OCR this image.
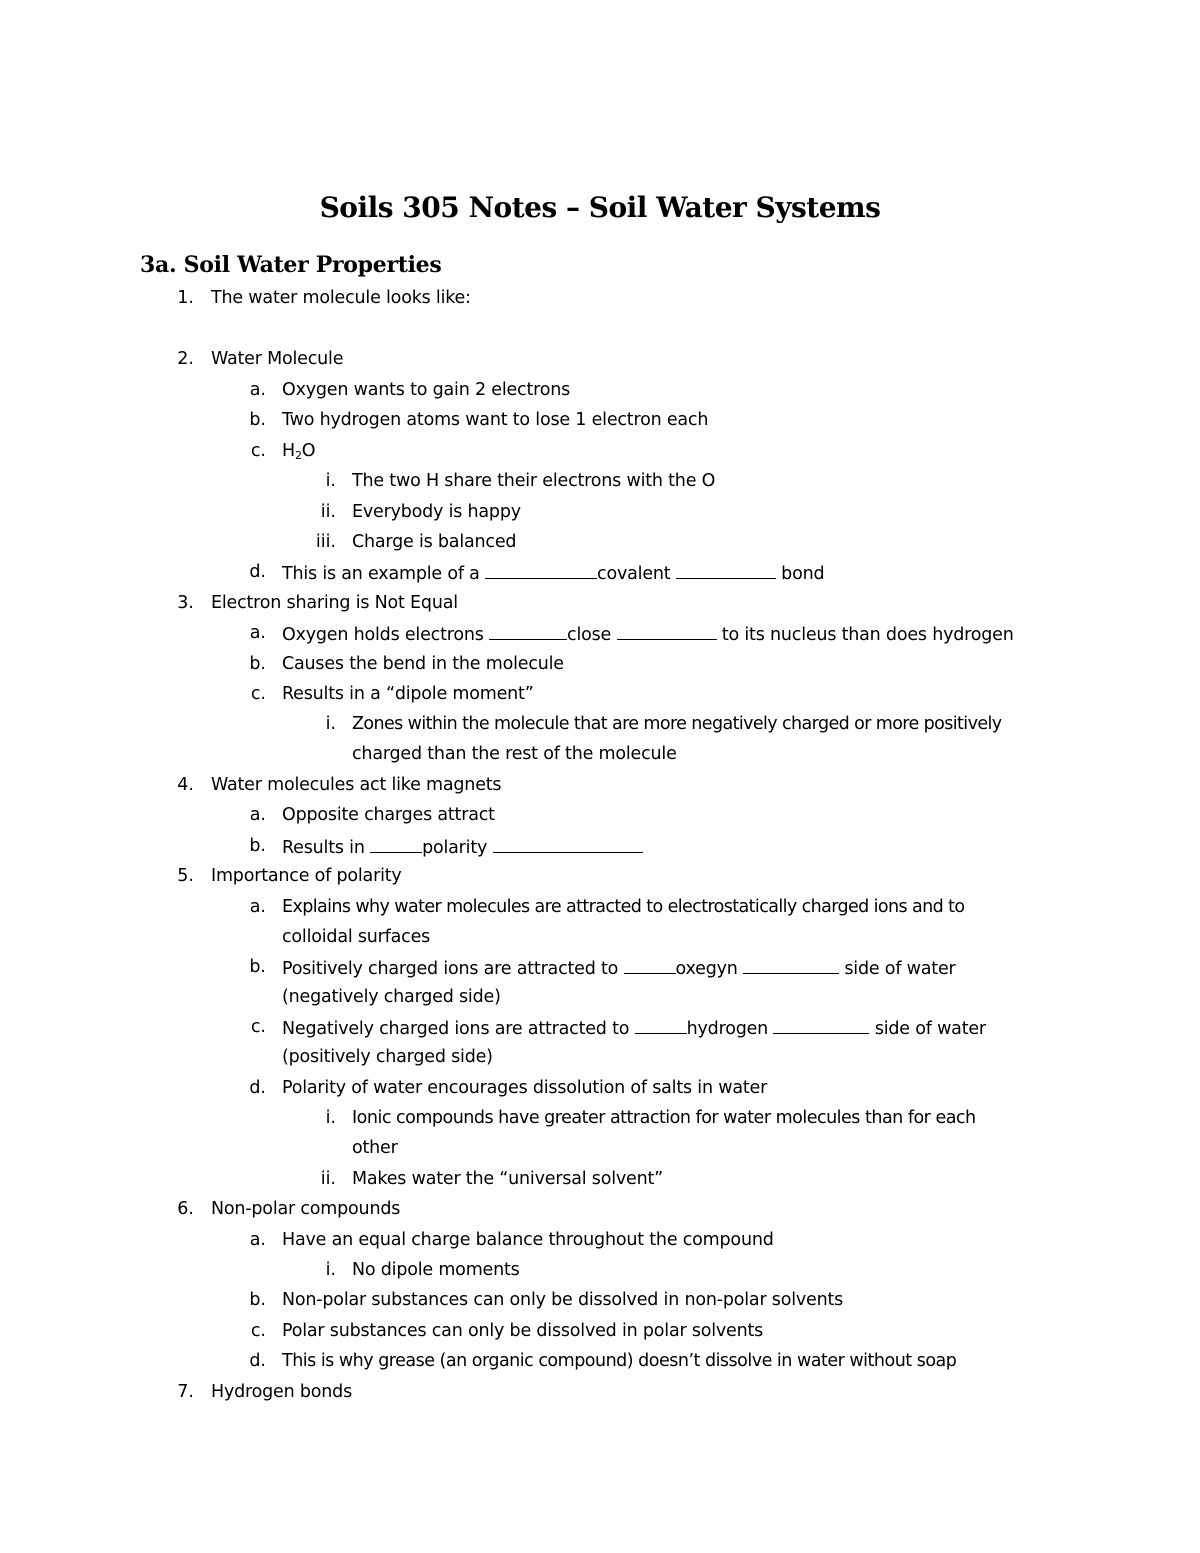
Soils 305 Notes – Soil Water Systems
3a. Soil Water Properties
1. The water molecule looks like:
2. Water Molecule
a. Oxygen wants to gain 2 electrons
b. Two hydrogen atoms want to lose 1 electron each
c. $H_2O$
i. The two H share their electrons with the O
ii. Everybody is happy
iii. Charge is balanced
d. This is an example of a	covalent	bond
3. Electron sharing is Not Equal
a. Oxygen holds electrons	close	to its nucleus than does hydrogen
b. Causes the bend in the molecule
c. Results in a “dipole moment”
i. Zones within the molecule that are more negatively charged or more positively
charged than the rest of the molecule
4. Water molecules act like magnets
a. Opposite charges attract
b. Results in	polarity
5. Importance of polarity
a. Explains why water molecules are attracted to electrostatically charged ions and to
colloidal surfaces
b. Positively charged ions are attracted to	oxegyn	side of water
(negatively charged side)
c. Negatively charged ions are attracted to	hydrogen	side of water
(positively charged side)
d. Polarity of water encourages dissolution of salts in water
i. Ionic compounds have greater attraction for water molecules than for each
other
ii. Makes water the “universal solvent”
6. Non-polar compounds
a. Have an equal charge balance throughout the compound
i. No dipole moments
b. Non-polar substances can only be dissolved in non-polar solvents
c. Polar substances can only be dissolved in polar solvents
d. This is why grease (an organic compound) doesn’t dissolve in water without soap
7. Hydrogen bonds
